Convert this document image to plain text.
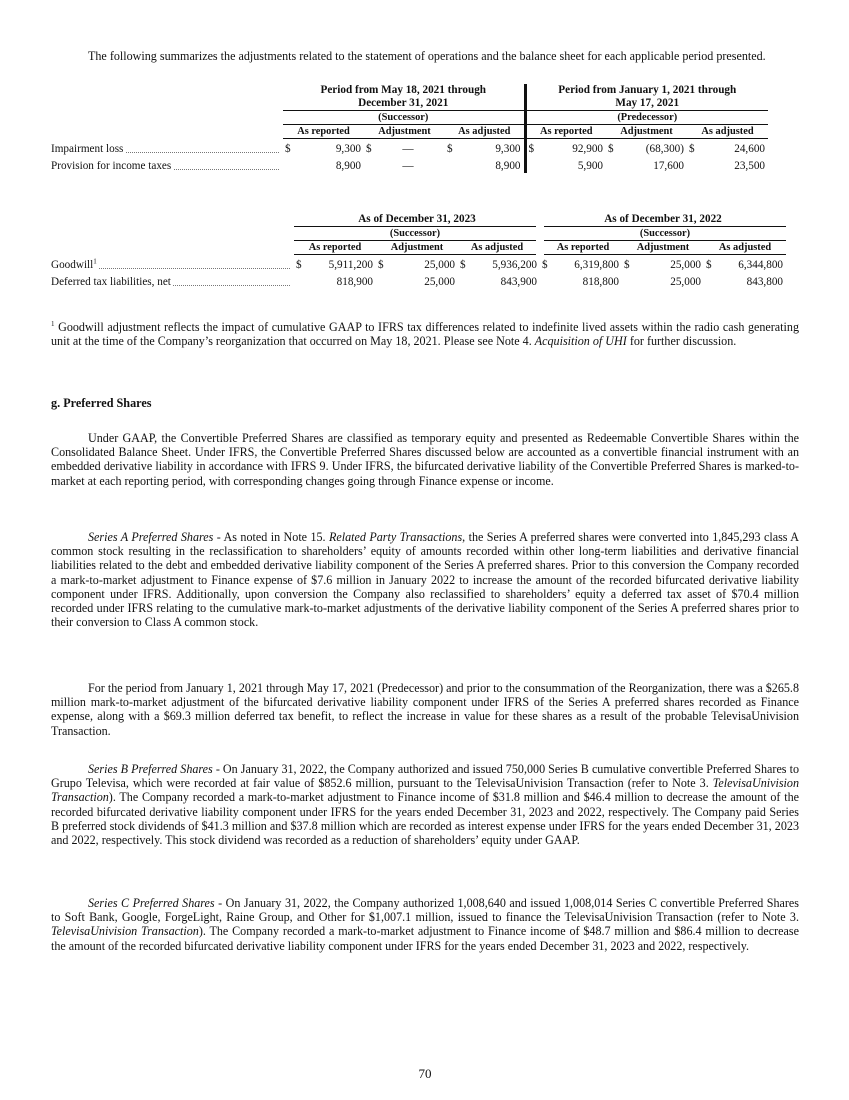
The following summarizes the adjustments related to the statement of operations and the balance sheet for each applicable period presented.

	Period from May 18, 2021 through December 31, 2021						Period from January 1, 2021 through May 17, 2021					
	(Successor)						(Predecessor)					
	As reported		Adjustment		As adjusted		As reported		Adjustment		As adjusted	
Impairment loss	$	9,300	$	—	$	9,300	$	92,900	$	(68,300)	$	24,600
Provision for income taxes		8,900		—		8,900		5,900		17,600		23,500
	As of December 31, 2023						As of December 31, 2022					
	(Successor)						(Successor)					
	As reported		Adjustment		As adjusted		As reported		Adjustment		As adjusted	
Goodwill$^1$	$	5,911,200	$	25,000	$	5,936,200	$	6,319,800	$	25,000	$	6,344,800
Deferred tax liabilities, net		818,900		25,000		843,900		818,800		25,000		843,800

$^1$ Goodwill adjustment reflects the impact of cumulative GAAP to IFRS tax differences related to indefinite lived assets within the radio cash generating unit at the time of the Company’s reorganization that occurred on May 18, 2021. Please see Note 4. Acquisition of UHI for further discussion.

g. Preferred Shares

Under GAAP, the Convertible Preferred Shares are classified as temporary equity and presented as Redeemable Convertible Shares within the Consolidated Balance Sheet. Under IFRS, the Convertible Preferred Shares discussed below are accounted as a convertible financial instrument with an embedded derivative liability in accordance with IFRS 9. Under IFRS, the bifurcated derivative liability of the Convertible Preferred Shares is marked-to-market at each reporting period, with corresponding changes going through Finance expense or income.

Series A Preferred Shares - As noted in Note 15. Related Party Transactions, the Series A preferred shares were converted into 1,845,293 class A common stock resulting in the reclassification to shareholders’ equity of amounts recorded within other long-term liabilities and derivative financial liabilities related to the debt and embedded derivative liability component of the Series A preferred shares. Prior to this conversion the Company recorded a mark-to-market adjustment to Finance expense of $7.6 million in January 2022 to increase the amount of the recorded bifurcated derivative liability component under IFRS. Additionally, upon conversion the Company also reclassified to shareholders’ equity a deferred tax asset of $70.4 million recorded under IFRS relating to the cumulative mark-to-market adjustments of the derivative liability component of the Series A preferred shares prior to their conversion to Class A common stock.

For the period from January 1, 2021 through May 17, 2021 (Predecessor) and prior to the consummation of the Reorganization, there was a $265.8 million mark-to-market adjustment of the bifurcated derivative liability component under IFRS of the Series A preferred shares recorded as Finance expense, along with a $69.3 million deferred tax benefit, to reflect the increase in value for these shares as a result of the probable TelevisaUnivision Transaction.

Series B Preferred Shares - On January 31, 2022, the Company authorized and issued 750,000 Series B cumulative convertible Preferred Shares to Grupo Televisa, which were recorded at fair value of $852.6 million, pursuant to the TelevisaUnivision Transaction (refer to Note 3. TelevisaUnivision Transaction). The Company recorded a mark-to-market adjustment to Finance income of $31.8 million and $46.4 million to decrease the amount of the recorded bifurcated derivative liability component under IFRS for the years ended December 31, 2023 and 2022, respectively. The Company paid Series B preferred stock dividends of $41.3 million and $37.8 million which are recorded as interest expense under IFRS for the years ended December 31, 2023 and 2022, respectively. This stock dividend was recorded as a reduction of shareholders’ equity under GAAP.

Series C Preferred Shares - On January 31, 2022, the Company authorized 1,008,640 and issued 1,008,014 Series C convertible Preferred Shares to Soft Bank, Google, ForgeLight, Raine Group, and Other for $1,007.1 million, issued to finance the TelevisaUnivision Transaction (refer to Note 3. TelevisaUnivision Transaction). The Company recorded a mark-to-market adjustment to Finance income of $48.7 million and $86.4 million to decrease the amount of the recorded bifurcated derivative liability component under IFRS for the years ended December 31, 2023 and 2022, respectively.

70
